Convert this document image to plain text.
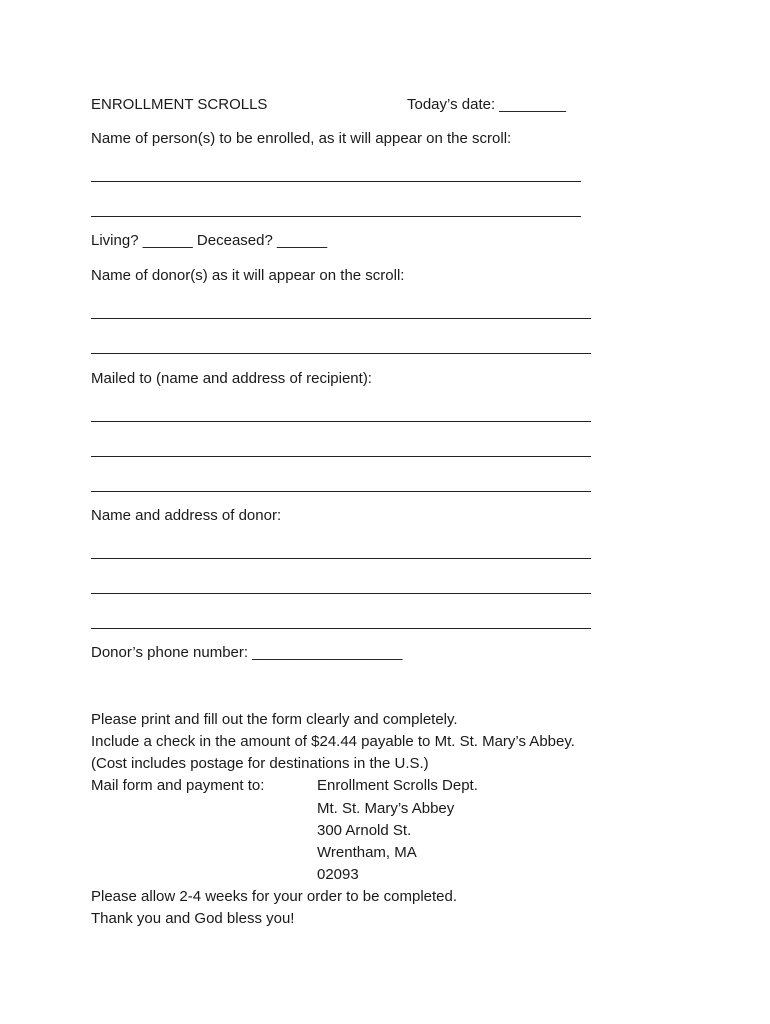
ENROLLMENT SCROLLS	Today’s date: ________
Name of person(s) to be enrolled, as it will appear on the scroll:
Living? ______ Deceased? ______
Name of donor(s) as it will appear on the scroll:
Mailed to (name and address of recipient):
Name and address of donor:
Donor’s phone number: __________________
Please print and fill out the form clearly and completely.
Include a check in the amount of $24.44 payable to Mt. St. Mary’s Abbey.
(Cost includes postage for destinations in the U.S.)
Mail form and payment to:	Enrollment Scrolls Dept.
Mt. St. Mary’s Abbey
300 Arnold St.
Wrentham, MA
02093
Please allow 2-4 weeks for your order to be completed.
Thank you and God bless you!
